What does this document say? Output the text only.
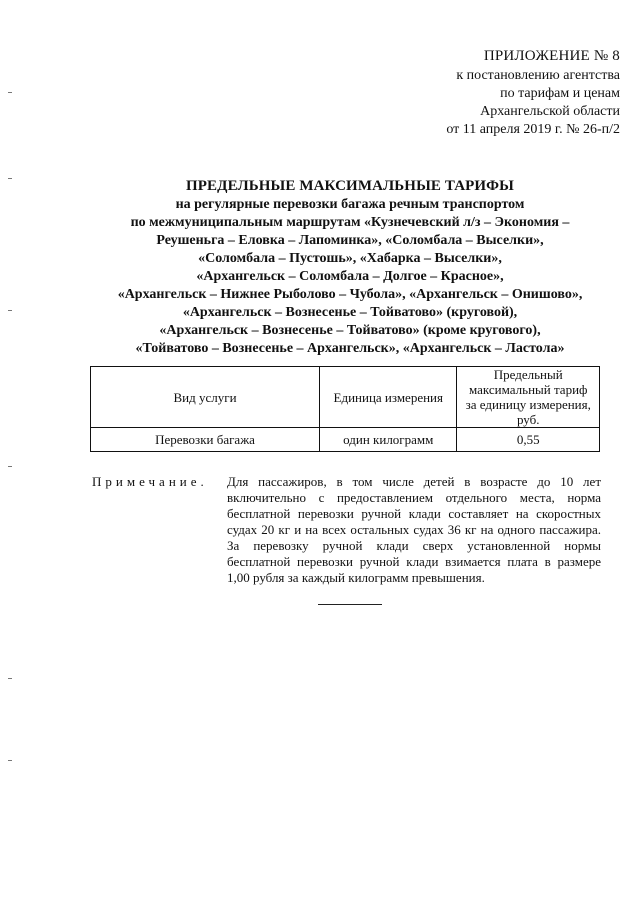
ПРИЛОЖЕНИЕ № 8
к постановлению агентства
по тарифам и ценам
Архангельской области
от 11 апреля 2019 г. № 26-п/2
ПРЕДЕЛЬНЫЕ МАКСИМАЛЬНЫЕ ТАРИФЫ
на регулярные перевозки багажа речным транспортом
по межмуниципальным маршрутам «Кузнечевский л/з – Экономия –
Реушеньга – Еловка – Лапоминка», «Соломбала – Выселки»,
«Соломбала – Пустошь», «Хабарка – Выселки»,
«Архангельск – Соломбала – Долгое – Красное»,
«Архангельск – Нижнее Рыболово – Чубола», «Архангельск – Онишово»,
«Архангельск – Вознесенье – Тойватово» (круговой),
«Архангельск – Вознесенье – Тойватово» (кроме кругового),
«Тойватово – Вознесенье – Архангельск», «Архангельск – Ластола»
Вид услуги	Единица измерения	Предельный
максимальный тариф
за единицу измерения,
руб.

Перевозки багажа	один килограмм	0,55
Примечание. Для пассажиров, в том числе детей в возрасте до 10 лет включительно с предоставлением отдельного места, норма бесплатной перевозки ручной клади составляет на скоростных судах 20 кг и на всех остальных судах 36 кг на одного пассажира. За перевозку ручной клади сверх установленной нормы бесплатной перевозки ручной клади взимается плата в размере 1,00 рубля за каждый килограмм превышения.
